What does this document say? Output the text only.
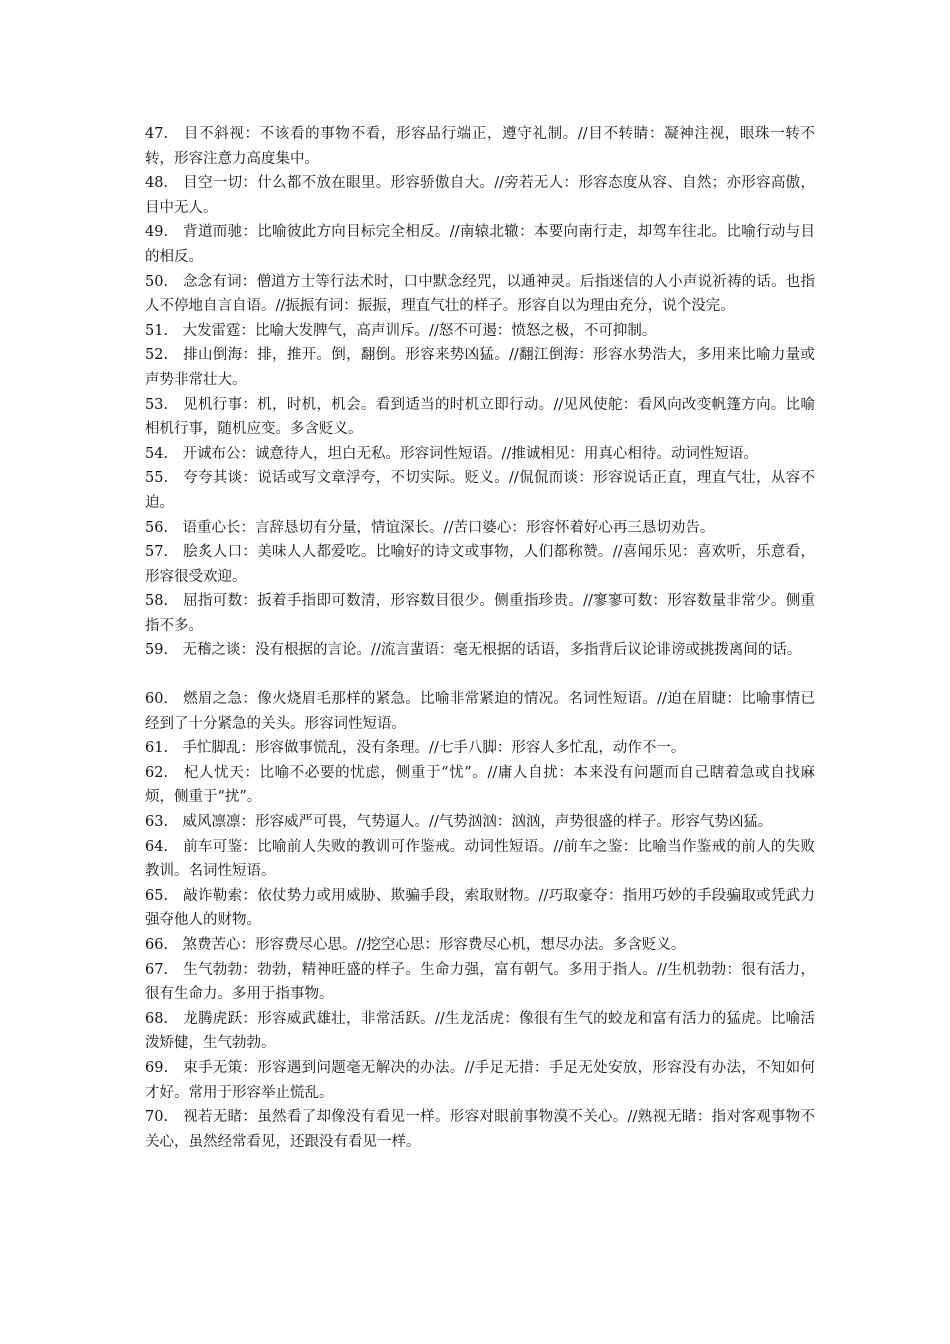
47.　目不斜视：不该看的事物不看，形容品行端正，遵守礼制。//目不转睛：凝神注视，眼珠一转不转，形容注意力高度集中。

48.　目空一切：什么都不放在眼里。形容骄傲自大。//旁若无人：形容态度从容、自然；亦形容高傲，目中无人。

49.　背道而驰：比喻彼此方向目标完全相反。//南辕北辙：本要向南行走，却驾车往北。比喻行动与目的相反。

50.　念念有词：僧道方士等行法术时，口中默念经咒，以通神灵。后指迷信的人小声说祈祷的话。也指人不停地自言自语。//振振有词：振振，理直气壮的样子。形容自以为理由充分，说个没完。

51.　大发雷霆：比喻大发脾气，高声训斥。//怒不可遏：愤怒之极，不可抑制。

52.　排山倒海：排，推开。倒，翻倒。形容来势凶猛。//翻江倒海：形容水势浩大，多用来比喻力量或声势非常壮大。

53.　见机行事：机，时机，机会。看到适当的时机立即行动。//见风使舵：看风向改变帆篷方向。比喻相机行事，随机应变。多含贬义。

54.　开诚布公：诚意待人，坦白无私。形容词性短语。//推诚相见：用真心相待。动词性短语。

55.　夸夸其谈：说话或写文章浮夸，不切实际。贬义。//侃侃而谈：形容说话正直，理直气壮，从容不迫。

56.　语重心长：言辞恳切有分量，情谊深长。//苦口婆心：形容怀着好心再三恳切劝告。

57.　脍炙人口：美味人人都爱吃。比喻好的诗文或事物，人们都称赞。//喜闻乐见：喜欢听，乐意看，形容很受欢迎。

58.　屈指可数：扳着手指即可数清，形容数目很少。侧重指珍贵。//寥寥可数：形容数量非常少。侧重指不多。

59.　无稽之谈：没有根据的言论。//流言蜚语：毫无根据的话语，多指背后议论诽谤或挑拨离间的话。

60.　燃眉之急：像火烧眉毛那样的紧急。比喻非常紧迫的情况。名词性短语。//迫在眉睫：比喻事情已经到了十分紧急的关头。形容词性短语。

61.　手忙脚乱：形容做事慌乱，没有条理。//七手八脚：形容人多忙乱，动作不一。

62.　杞人忧天：比喻不必要的忧虑，侧重于“忧”。//庸人自扰：本来没有问题而自己瞎着急或自找麻烦，侧重于“扰”。

63.　威风凛凛：形容威严可畏，气势逼人。//气势汹汹：汹汹，声势很盛的样子。形容气势凶猛。

64.　前车可鉴：比喻前人失败的教训可作鉴戒。动词性短语。//前车之鉴：比喻当作鉴戒的前人的失败教训。名词性短语。

65.　敲诈勒索：依仗势力或用威胁、欺骗手段，索取财物。//巧取豪夺：指用巧妙的手段骗取或凭武力强夺他人的财物。

66.　煞费苦心：形容费尽心思。//挖空心思：形容费尽心机，想尽办法。多含贬义。

67.　生气勃勃：勃勃，精神旺盛的样子。生命力强，富有朝气。多用于指人。//生机勃勃：很有活力，很有生命力。多用于指事物。

68.　龙腾虎跃：形容威武雄壮，非常活跃。//生龙活虎：像很有生气的蛟龙和富有活力的猛虎。比喻活泼矫健，生气勃勃。

69.　束手无策：形容遇到问题毫无解决的办法。//手足无措：手足无处安放，形容没有办法，不知如何才好。常用于形容举止慌乱。

70.　视若无睹：虽然看了却像没有看见一样。形容对眼前事物漠不关心。//熟视无睹：指对客观事物不关心，虽然经常看见，还跟没有看见一样。
